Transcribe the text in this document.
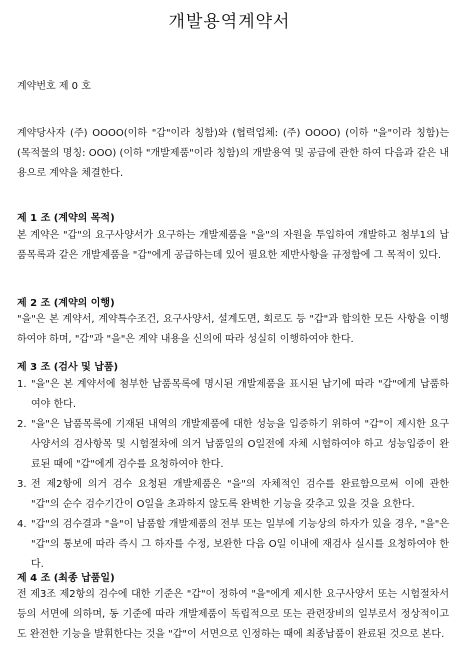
개발용역계약서
계약번호 제 0 호
계약당사자 (주) OOOO(이하 "갑"이라 칭함)와 (협력업체: (주) OOOO) (이하 "을"이라 칭함)는 (목적물의 명칭: OOO) (이하 "개발제품"이라 칭함)의 개발용역 및 공급에 관한 하여 다음과 같은 내용으로 계약을 체결한다.
제 1 조 (계약의 목적)
본 계약은 "갑"의 요구사양서가 요구하는 개발제품을 "을"의 자원을 투입하여 개발하고 첨부1의 납품목록과 같은 개발제품을 "갑"에게 공급하는데 있어 필요한 제반사항을 규정함에 그 목적이 있다.
제 2 조 (계약의 이행)
"을"은 본 계약서, 계약특수조건, 요구사양서, 설계도면, 회로도 등 "갑"과 합의한 모든 사항을 이행하여야 하며, "갑"과 "을"은 계약 내용을 신의에 따라 성실히 이행하여야 한다.
제 3 조 (검사 및 납품)
1. "을"은 본 계약서에 첨부한 납품목록에 명시된 개발제품을 표시된 납기에 따라 "갑"에게 납품하여야 한다.
2. "을"은 납품목록에 기재된 내역의 개발제품에 대한 성능을 입증하기 위하여 "갑"이 제시한 요구사양서의 검사항목 및 시험절차에 의거 납품일의 O일전에 자체 시험하여야 하고 성능입증이 완료된 때에 "갑"에게 검수를 요청하여야 한다.
3. 전 제2항에 의거 검수 요청된 개발제품은 "을"의 자체적인 검수를 완료함으로써 이에 관한 "갑"의 순수 검수기간이 O일을 초과하지 않도록 완벽한 기능을 갖추고 있을 것을 요한다.
4. "갑"의 검수결과 "을"이 납품할 개발제품의 전부 또는 일부에 기능상의 하자가 있을 경우, "을"은 "갑"의 통보에 따라 즉시 그 하자를 수정, 보완한 다음 O일 이내에 재검사 실시를 요청하여야 한다.
제 4 조 (최종 납품일)
전 제3조 제2항의 검수에 대한 기준은 "갑"이 정하여 "을"에게 제시한 요구사양서 또는 시험절차서 등의 서면에 의하며, 동 기준에 따라 개발제품이 독립적으로 또는 관련장비의 일부로서 정상적이고도 완전한 기능을 발휘한다는 것을 "갑"이 서면으로 인정하는 때에 최종납품이 완료된 것으로 본다.
